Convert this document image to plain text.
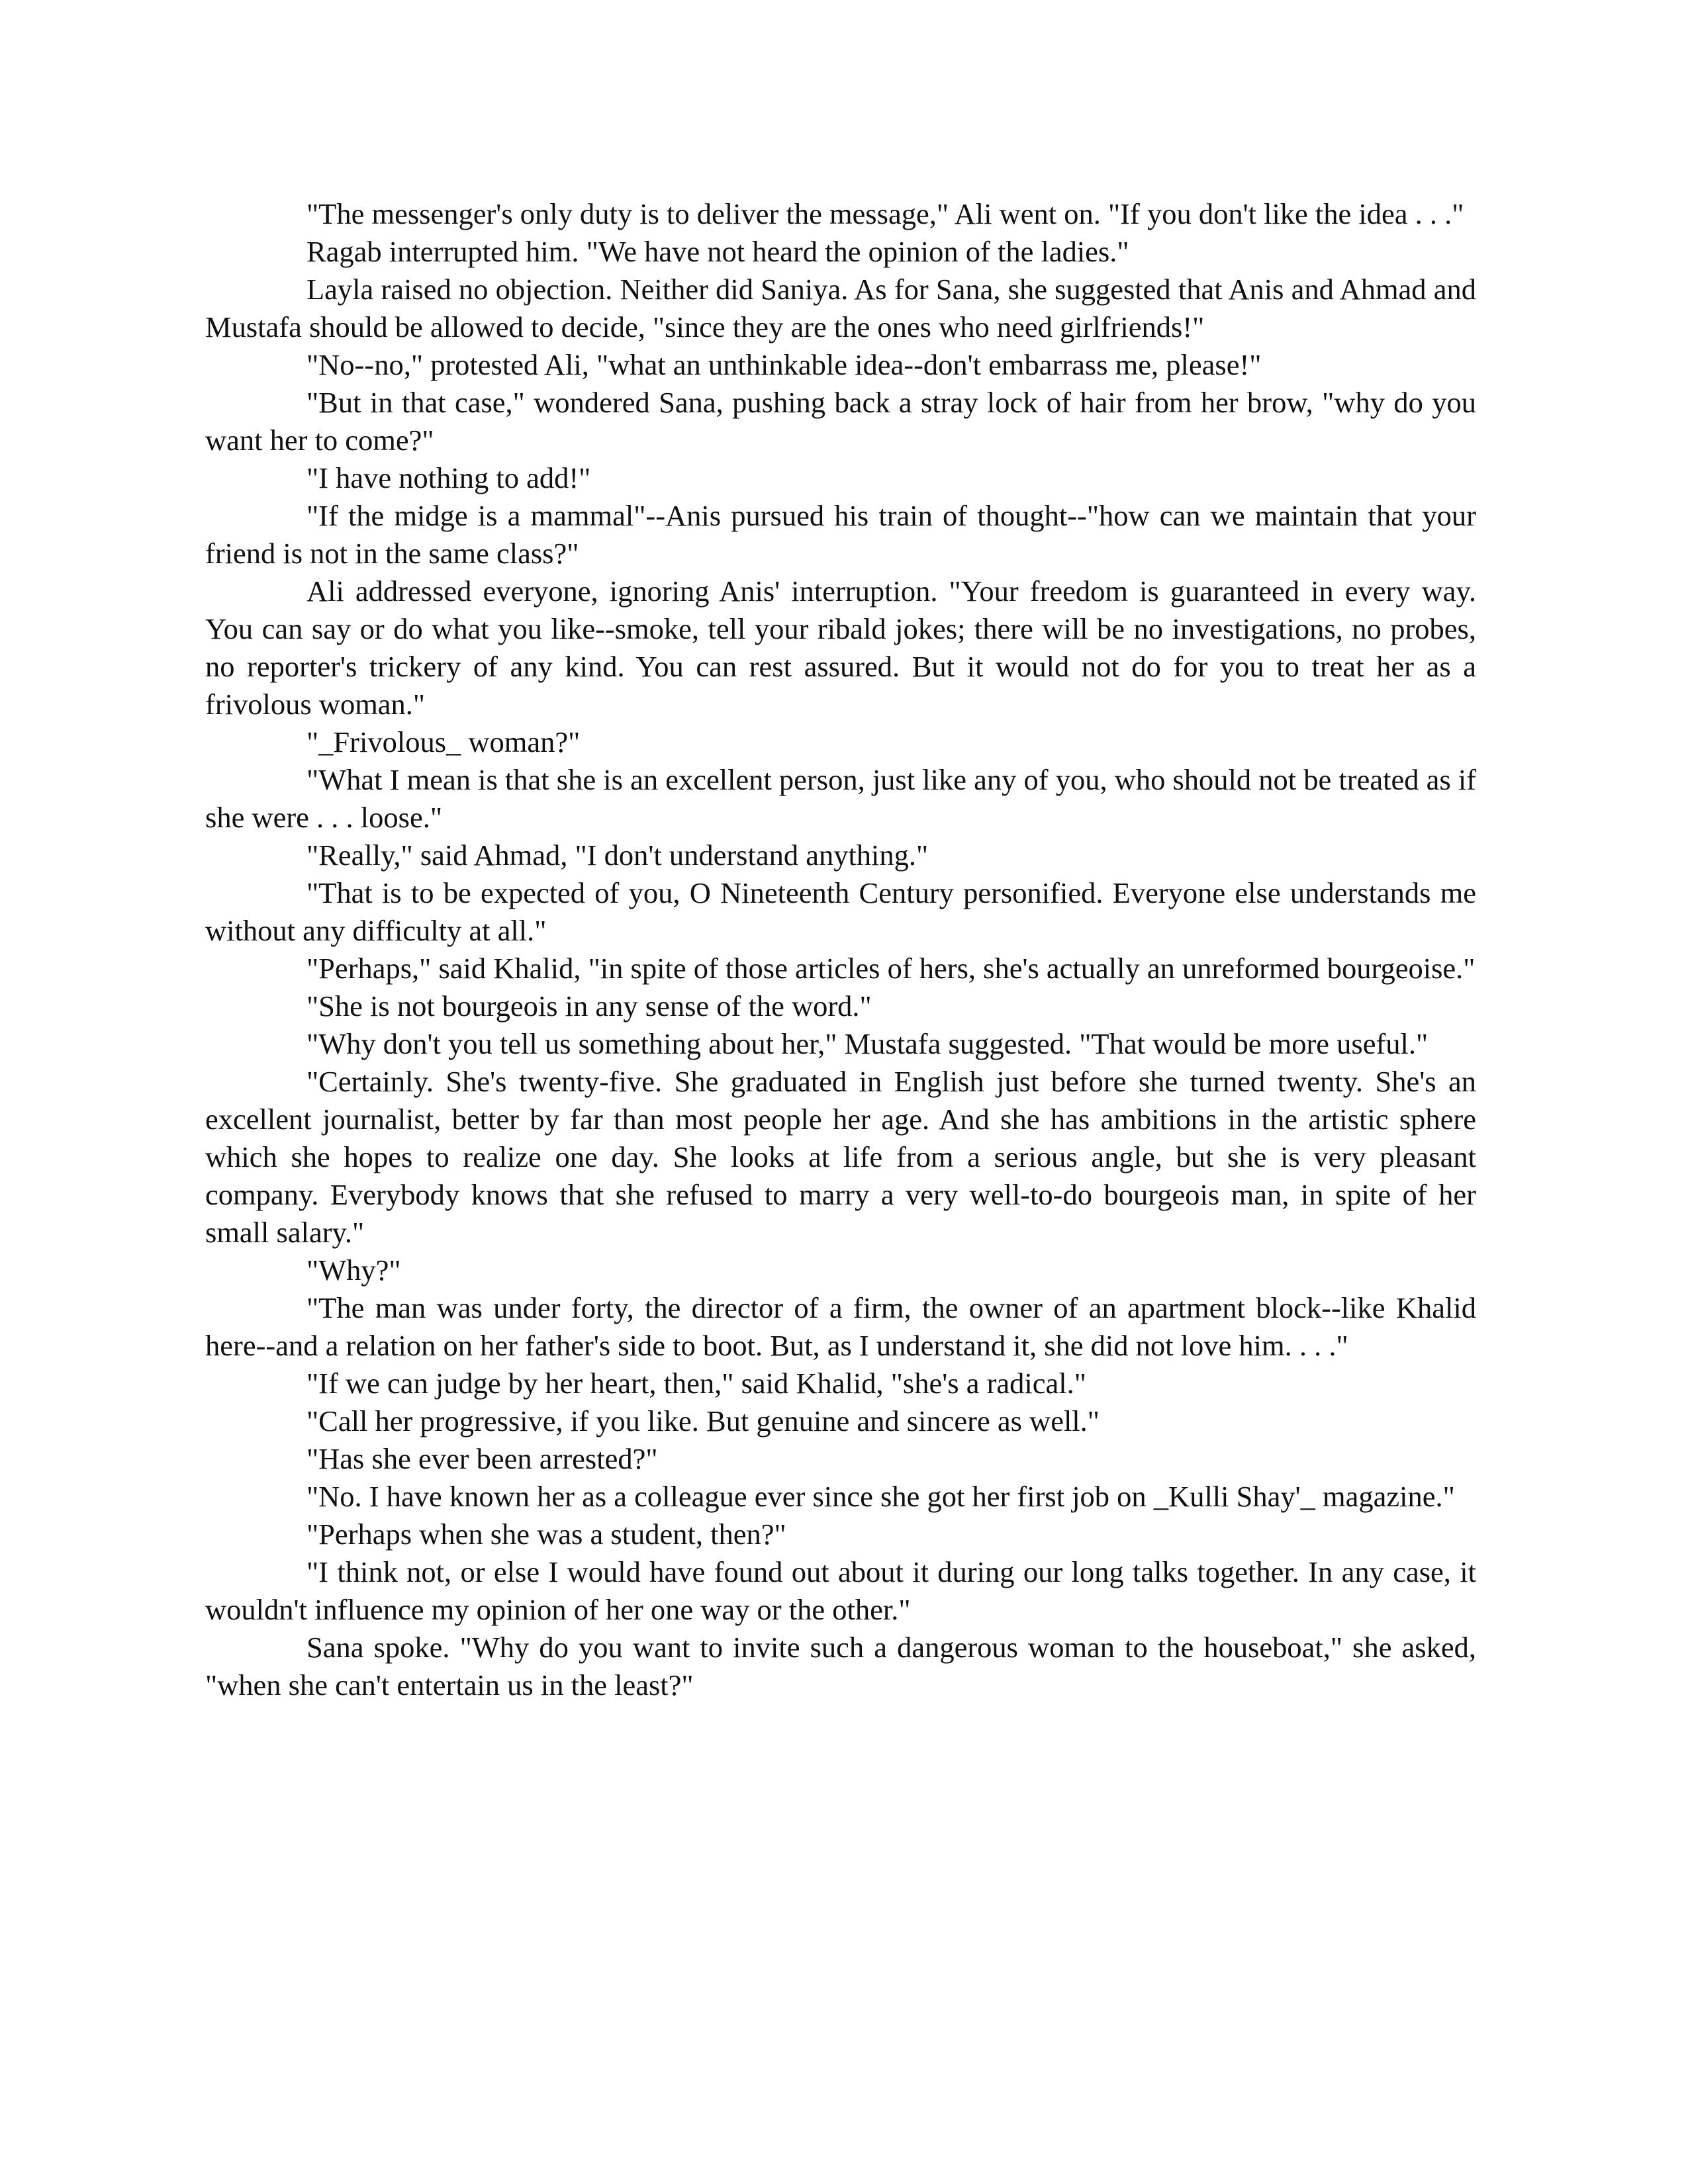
"The messenger's only duty is to deliver the message," Ali went on. "If you don't like the idea . . ."

Ragab interrupted him. "We have not heard the opinion of the ladies."

Layla raised no objection. Neither did Saniya. As for Sana, she suggested that Anis and Ahmad and Mustafa should be allowed to decide, "since they are the ones who need girlfriends!"

"No--no," protested Ali, "what an unthinkable idea--don't embarrass me, please!"

"But in that case," wondered Sana, pushing back a stray lock of hair from her brow, "why do you want her to come?"

"I have nothing to add!"

"If the midge is a mammal"--Anis pursued his train of thought--"how can we maintain that your friend is not in the same class?"

Ali addressed everyone, ignoring Anis' interruption. "Your freedom is guaranteed in every way. You can say or do what you like--smoke, tell your ribald jokes; there will be no investigations, no probes, no reporter's trickery of any kind. You can rest assured. But it would not do for you to treat her as a frivolous woman."

"_Frivolous_ woman?"

"What I mean is that she is an excellent person, just like any of you, who should not be treated as if she were . . . loose."

"Really," said Ahmad, "I don't understand anything."

"That is to be expected of you, O Nineteenth Century personified. Everyone else understands me without any difficulty at all."

"Perhaps," said Khalid, "in spite of those articles of hers, she's actually an unreformed bourgeoise."

"She is not bourgeois in any sense of the word."

"Why don't you tell us something about her," Mustafa suggested. "That would be more useful."

"Certainly. She's twenty-five. She graduated in English just before she turned twenty. She's an excellent journalist, better by far than most people her age. And she has ambitions in the artistic sphere which she hopes to realize one day. She looks at life from a serious angle, but she is very pleasant company. Everybody knows that she refused to marry a very well-to-do bourgeois man, in spite of her small salary."

"Why?"

"The man was under forty, the director of a firm, the owner of an apartment block--like Khalid here--and a relation on her father's side to boot. But, as I understand it, she did not love him. . . ."

"If we can judge by her heart, then," said Khalid, "she's a radical."

"Call her progressive, if you like. But genuine and sincere as well."

"Has she ever been arrested?"

"No. I have known her as a colleague ever since she got her first job on _Kulli Shay'_ magazine."

"Perhaps when she was a student, then?"

"I think not, or else I would have found out about it during our long talks together. In any case, it wouldn't influence my opinion of her one way or the other."

Sana spoke. "Why do you want to invite such a dangerous woman to the houseboat," she asked, "when she can't entertain us in the least?"
